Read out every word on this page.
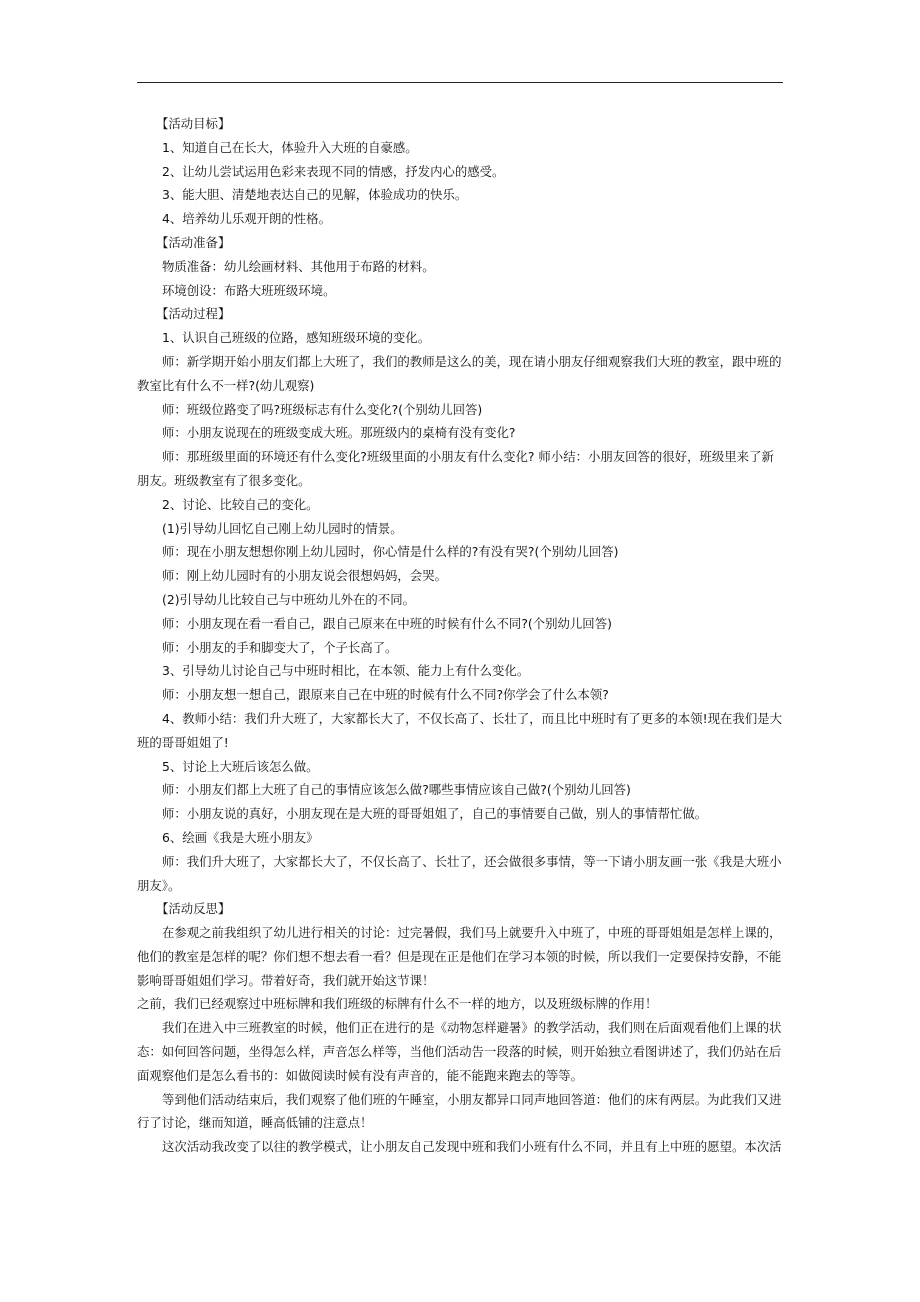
【活动目标】

1、知道自己在长大，体验升入大班的自豪感。

2、让幼儿尝试运用色彩来表现不同的情感，抒发内心的感受。

3、能大胆、清楚地表达自己的见解，体验成功的快乐。

4、培养幼儿乐观开朗的性格。

【活动准备】

物质准备：幼儿绘画材料、其他用于布路的材料。

环境创设：布路大班班级环境。

【活动过程】

1、认识自己班级的位路，感知班级环境的变化。

师：新学期开始小朋友们都上大班了，我们的教师是这么的美，现在请小朋友仔细观察我们大班的教室，跟中班的教室比有什么不一样?(幼儿观察)

师：班级位路变了吗?班级标志有什么变化?(个别幼儿回答)

师：小朋友说现在的班级变成大班。那班级内的桌椅有没有变化?

师：那班级里面的环境还有什么变化?班级里面的小朋友有什么变化? 师小结：小朋友回答的很好，班级里来了新朋友。班级教室有了很多变化。

2、讨论、比较自己的变化。

(1)引导幼儿回忆自己刚上幼儿园时的情景。

师：现在小朋友想想你刚上幼儿园时，你心情是什么样的?有没有哭?(个别幼儿回答)

师：刚上幼儿园时有的小朋友说会很想妈妈，会哭。

(2)引导幼儿比较自己与中班幼儿外在的不同。

师：小朋友现在看一看自己，跟自己原来在中班的时候有什么不同?(个别幼儿回答)

师：小朋友的手和脚变大了，个子长高了。

3、引导幼儿讨论自己与中班时相比，在本领、能力上有什么变化。

师：小朋友想一想自己，跟原来自己在中班的时候有什么不同?你学会了什么本领?

4、教师小结：我们升大班了，大家都长大了，不仅长高了、长壮了，而且比中班时有了更多的本领!现在我们是大班的哥哥姐姐了!

5、讨论上大班后该怎么做。

师：小朋友们都上大班了自己的事情应该怎么做?哪些事情应该自己做?(个别幼儿回答)

师：小朋友说的真好，小朋友现在是大班的哥哥姐姐了，自己的事情要自己做，别人的事情帮忙做。

6、绘画《我是大班小朋友》

师：我们升大班了，大家都长大了，不仅长高了、长壮了，还会做很多事情，等一下请小朋友画一张《我是大班小朋友》。

【活动反思】

在参观之前我组织了幼儿进行相关的讨论：过完暑假，我们马上就要升入中班了，中班的哥哥姐姐是怎样上课的，他们的教室是怎样的呢？你们想不想去看一看？但是现在正是他们在学习本领的时候，所以我们一定要保持安静，不能影响哥哥姐姐们学习。带着好奇，我们就开始这节课！

之前，我们已经观察过中班标牌和我们班级的标牌有什么不一样的地方，以及班级标牌的作用！

我们在进入中三班教室的时候，他们正在进行的是《动物怎样避暑》的教学活动，我们则在后面观看他们上课的状态：如何回答问题，坐得怎么样，声音怎么样等，当他们活动告一段落的时候，则开始独立看图讲述了，我们仍站在后面观察他们是怎么看书的：如做阅读时候有没有声音的，能不能跑来跑去的等等。

等到他们活动结束后，我们观察了他们班的午睡室，小朋友都异口同声地回答道：他们的床有两层。为此我们又进行了讨论，继而知道，睡高低铺的注意点！

这次活动我改变了以往的教学模式，让小朋友自己发现中班和我们小班有什么不同，并且有上中班的愿望。本次活
